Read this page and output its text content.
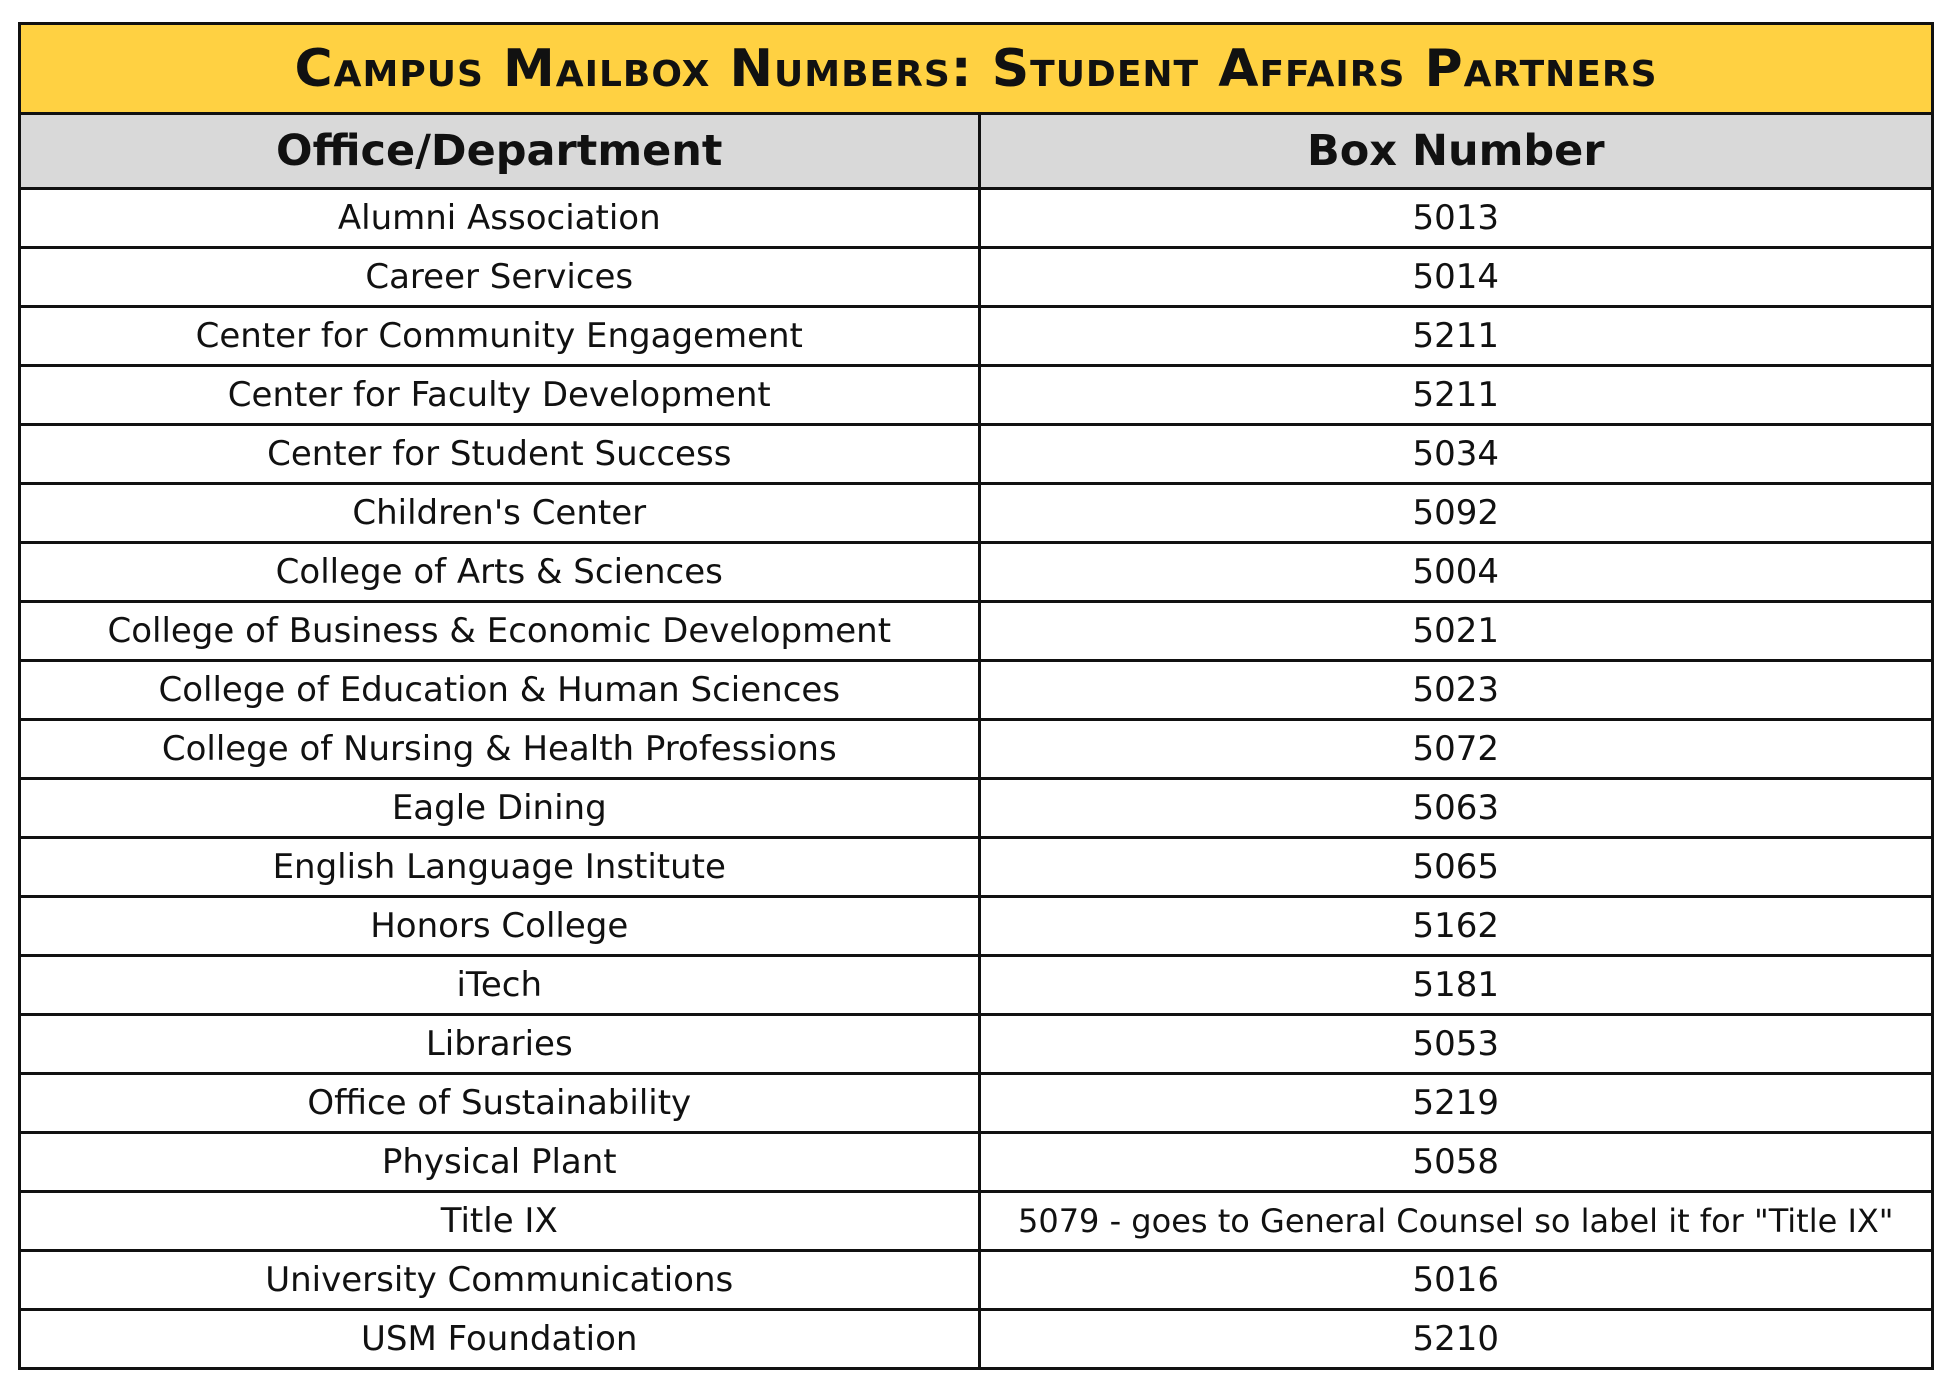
Campus Mailbox Numbers: Student Affairs Partners	
Office/Department	Box Number
Alumni Association	5013
Career Services	5014
Center for Community Engagement	5211
Center for Faculty Development	5211
Center for Student Success	5034
Children's Center	5092
College of Arts & Sciences	5004
College of Business & Economic Development	5021
College of Education & Human Sciences	5023
College of Nursing & Health Professions	5072
Eagle Dining	5063
English Language Institute	5065
Honors College	5162
iTech	5181
Libraries	5053
Office of Sustainability	5219
Physical Plant	5058
Title IX	5079 - goes to General Counsel so label it for "Title IX"
University Communications	5016
USM Foundation	5210
